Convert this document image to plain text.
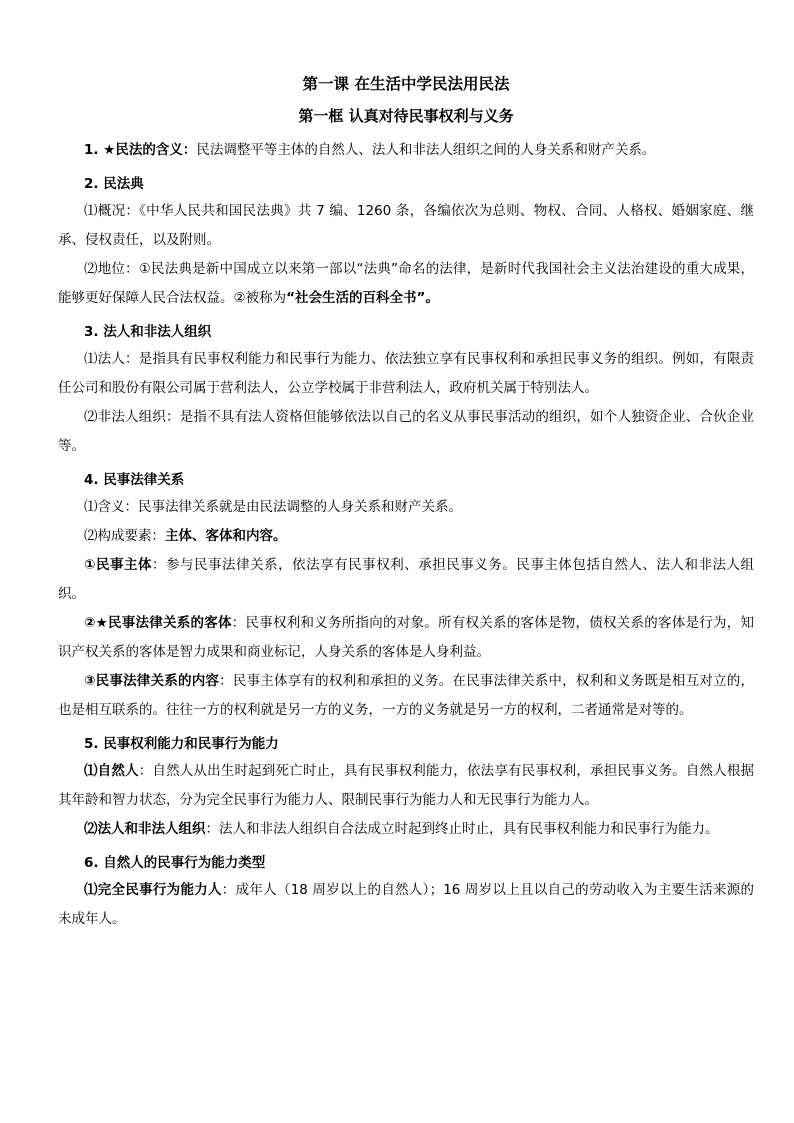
第一课 在生活中学民法用民法
第一框 认真对待民事权利与义务

1. ★民法的含义：民法调整平等主体的自然人、法人和非法人组织之间的人身关系和财产关系。

2. 民法典

⑴概况：《中华人民共和国民法典》共 7 编、1260 条，各编依次为总则、物权、合同、人格权、婚姻家庭、继承、侵权责任，以及附则。

⑵地位：①民法典是新中国成立以来第一部以“法典”命名的法律，是新时代我国社会主义法治建设的重大成果，能够更好保障人民合法权益。②被称为“社会生活的百科全书”。

3. 法人和非法人组织

⑴法人：是指具有民事权利能力和民事行为能力、依法独立享有民事权利和承担民事义务的组织。例如，有限责任公司和股份有限公司属于营利法人，公立学校属于非营利法人，政府机关属于特别法人。

⑵非法人组织：是指不具有法人资格但能够依法以自己的名义从事民事活动的组织，如个人独资企业、合伙企业等。

4. 民事法律关系

⑴含义：民事法律关系就是由民法调整的人身关系和财产关系。

⑵构成要素：主体、客体和内容。

①民事主体：参与民事法律关系，依法享有民事权利、承担民事义务。民事主体包括自然人、法人和非法人组织。

②★民事法律关系的客体：民事权利和义务所指向的对象。所有权关系的客体是物，债权关系的客体是行为，知识产权关系的客体是智力成果和商业标记，人身关系的客体是人身利益。

③民事法律关系的内容：民事主体享有的权利和承担的义务。在民事法律关系中，权利和义务既是相互对立的，也是相互联系的。往往一方的权利就是另一方的义务，一方的义务就是另一方的权利，二者通常是对等的。

5. 民事权利能力和民事行为能力

⑴自然人：自然人从出生时起到死亡时止，具有民事权利能力，依法享有民事权利，承担民事义务。自然人根据其年龄和智力状态，分为完全民事行为能力人、限制民事行为能力人和无民事行为能力人。

⑵法人和非法人组织：法人和非法人组织自合法成立时起到终止时止，具有民事权利能力和民事行为能力。

6. 自然人的民事行为能力类型

⑴完全民事行为能力人：成年人（18 周岁以上的自然人）；16 周岁以上且以自己的劳动收入为主要生活来源的未成年人。
